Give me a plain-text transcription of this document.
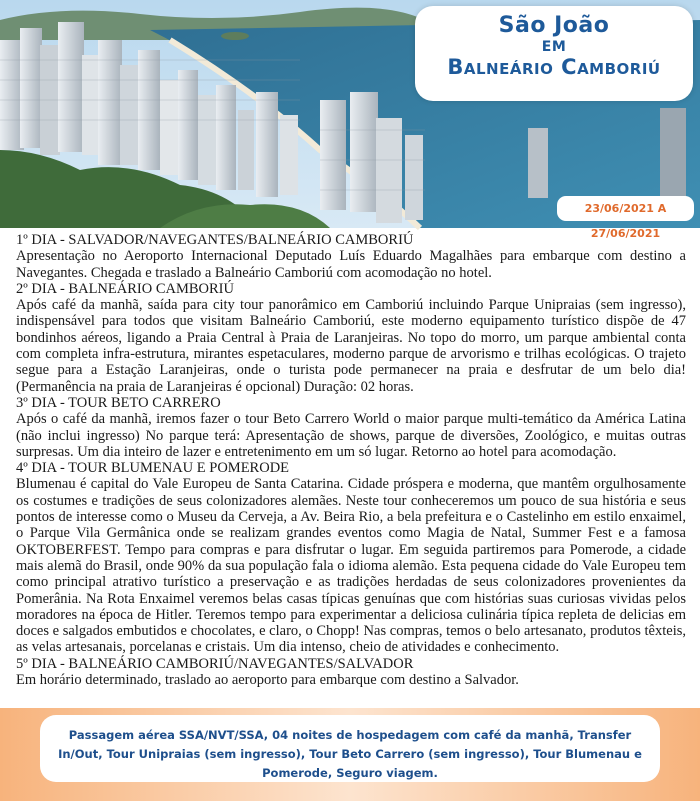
São João
EM
Balneário Camboriú
23/06/2021 A 27/06/2021

1º DIA - SALVADOR/NAVEGANTES/BALNEÁRIO CAMBORIÚ

Apresentação no Aeroporto Internacional Deputado Luís Eduardo Magalhães para embarque com destino a Navegantes. Chegada e traslado a Balneário Camboriú com acomodação no hotel.

2º DIA - BALNEÁRIO CAMBORIÚ

Após café da manhã, saída para city tour panorâmico em Camboriú incluindo Parque Unipraias (sem ingresso), indispensável para todos que visitam Balneário Camboriú, este moderno equipamento turístico dispõe de 47 bondinhos aéreos, ligando a Praia Central à Praia de Laranjeiras. No topo do morro, um parque ambiental conta com completa infra-estrutura, mirantes espetaculares, moderno parque de arvorismo e trilhas ecológicas. O trajeto segue para a Estação Laranjeiras, onde o turista pode permanecer na praia e desfrutar de um belo dia! (Permanência na praia de Laranjeiras é opcional) Duração: 02 horas.

3º DIA - TOUR BETO CARRERO

Após o café da manhã, iremos fazer o tour Beto Carrero World o maior parque multi-temático da América Latina (não inclui ingresso) No parque terá: Apresentação de shows, parque de diversões, Zoológico, e muitas outras surpresas. Um dia inteiro de lazer e entretenimento em um só lugar. Retorno ao hotel para acomodação.

4º DIA - TOUR BLUMENAU E POMERODE

Blumenau é capital do Vale Europeu de Santa Catarina. Cidade próspera e moderna, que mantêm orgulhosamente os costumes e tradições de seus colonizadores alemães. Neste tour conheceremos um pouco de sua história e seus pontos de interesse como o Museu da Cerveja, a Av. Beira Rio, a bela prefeitura e o Castelinho em estilo enxaimel, o Parque Vila Germânica onde se realizam grandes eventos como Magia de Natal, Summer Fest e a famosa OKTOBERFEST. Tempo para compras e para disfrutar o lugar. Em seguida partiremos para Pomerode, a cidade mais alemã do Brasil, onde 90% da sua população fala o idioma alemão. Esta pequena cidade do Vale Europeu tem como principal atrativo turístico a preservação e as tradições herdadas de seus colonizadores provenientes da Pomerânia. Na Rota Enxaimel veremos belas casas típicas genuínas que com histórias suas curiosas vividas pelos moradores na época de Hitler. Teremos tempo para experimentar a deliciosa culinária típica repleta de delicias em doces e salgados embutidos e chocolates, e claro, o Chopp! Nas compras, temos o belo artesanato, produtos têxteis, as velas artesanais, porcelanas e cristais. Um dia intenso, cheio de atividades e conhecimento.

5º DIA - BALNEÁRIO CAMBORIÚ/NAVEGANTES/SALVADOR

Em horário determinado, traslado ao aeroporto para embarque com destino a Salvador.

Passagem aérea SSA/NVT/SSA, 04 noites de hospedagem com café da manhã, Transfer In/Out, Tour Unipraias (sem ingresso), Tour Beto Carrero (sem ingresso), Tour Blumenau e Pomerode, Seguro viagem.
